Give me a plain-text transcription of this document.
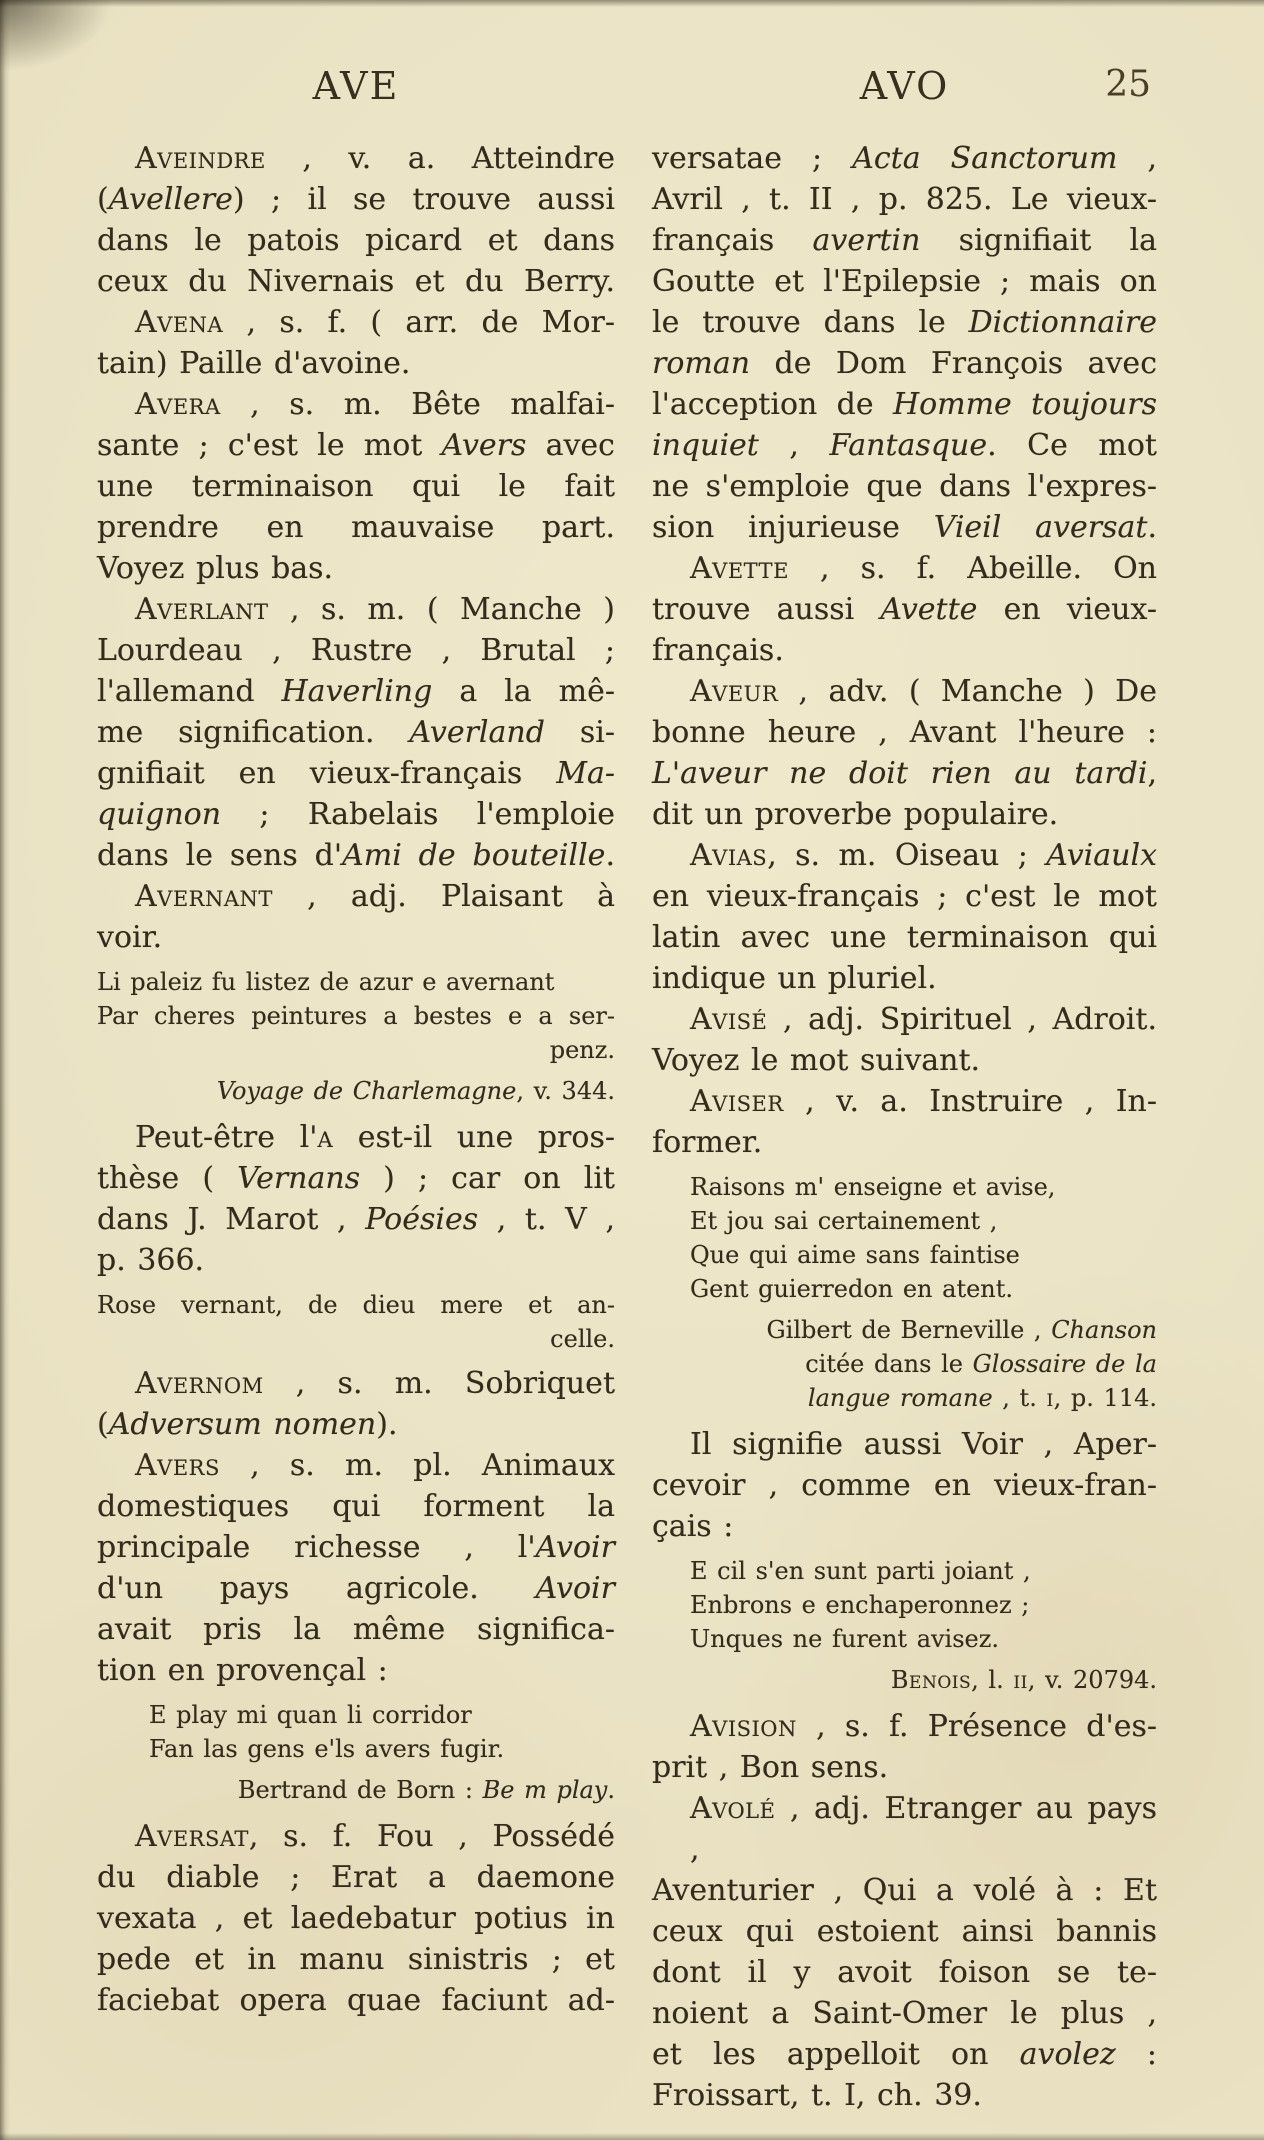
AVE	AVO	25
Aveindre , v. a. Atteindre
(Avellere) ; il se trouve aussi
dans le patois picard et dans
ceux du Nivernais et du Berry.
Avena , s. f. ( arr. de Mor-
tain) Paille d'avoine.
Avera , s. m. Bête malfai-
sante ; c'est le mot Avers avec
une terminaison qui le fait
prendre en mauvaise part.
Voyez plus bas.
Averlant , s. m. ( Manche )
Lourdeau , Rustre , Brutal ;
l'allemand Haverling a la mê-
me signification. Averland si-
gnifiait en vieux-français Ma-
quignon ; Rabelais l'emploie
dans le sens d'Ami de bouteille.
Avernant , adj. Plaisant à
voir.
Li paleiz fu listez de azur e avernant
Par cheres peintures a bestes e a ser-
penz.
Voyage de Charlemagne, v. 344.
Peut-être l'a est-il une pros-
thèse ( Vernans ) ; car on lit
dans J. Marot , Poésies , t. V ,
p. 366.
Rose vernant, de dieu mere et an-
celle.
Avernom , s. m. Sobriquet
(Adversum nomen).
Avers , s. m. pl. Animaux
domestiques qui forment la
principale richesse , l'Avoir
d'un pays agricole. Avoir
avait pris la même significa-
tion en provençal :
E play mi quan li corridor
Fan las gens e'ls avers fugir.
Bertrand de Born : Be m play.
Aversat, s. f. Fou , Possédé
du diable ; Erat a daemone
vexata , et laedebatur potius in
pede et in manu sinistris ; et
faciebat opera quae faciunt ad-
versatae ; Acta Sanctorum ,
Avril , t. II , p. 825. Le vieux-
français avertin signifiait la
Goutte et l'Epilepsie ; mais on
le trouve dans le Dictionnaire
roman de Dom François avec
l'acception de Homme toujours
inquiet , Fantasque. Ce mot
ne s'emploie que dans l'expres-
sion injurieuse Vieil aversat.
Avette , s. f. Abeille. On
trouve aussi Avette en vieux-
français.
Aveur , adv. ( Manche ) De
bonne heure , Avant l'heure :
L'aveur ne doit rien au tardi,
dit un proverbe populaire.
Avias, s. m. Oiseau ; Aviaulx
en vieux-français ; c'est le mot
latin avec une terminaison qui
indique un pluriel.
Avisé , adj. Spirituel , Adroit.
Voyez le mot suivant.
Aviser , v. a. Instruire , In-
former.
Raisons m' enseigne et avise,
Et jou sai certainement ,
Que qui aime sans faintise
Gent guierredon en atent.
Gilbert de Berneville , Chanson
citée dans le Glossaire de la
langue romane , t. i, p. 114.
Il signifie aussi Voir , Aper-
cevoir , comme en vieux-fran-
çais :
E cil s'en sunt parti joiant ,
Enbrons e enchaperonnez ;
Unques ne furent avisez.
Benois, l. ii, v. 20794.
Avision , s. f. Présence d'es-
prit , Bon sens.
Avolé , adj. Etranger au pays ,
Aventurier , Qui a volé à : Et
ceux qui estoient ainsi bannis
dont il y avoit foison se te-
noient a Saint-Omer le plus ,
et les appelloit on avolez :
Froissart, t. I, ch. 39.
